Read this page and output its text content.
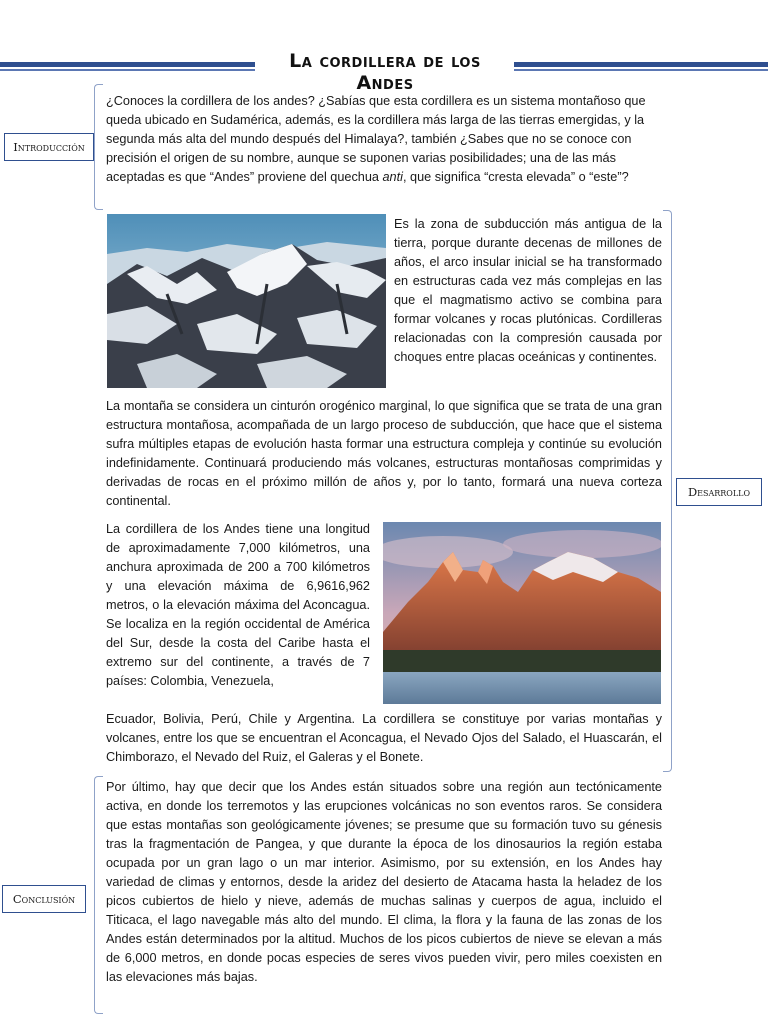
La cordillera de los Andes
Introducción

¿Conoces la cordillera de los andes? ¿Sabías que esta cordillera es un sistema montañoso que queda ubicado en Sudamérica, además, es la cordillera más larga de las tierras emergidas, y la segunda más alta del mundo después del Himalaya?, también ¿Sabes que no se conoce con precisión el origen de su nombre, aunque se suponen varias posibilidades; una de las más aceptadas es que “Andes” proviene del quechua anti, que significa “cresta elevada” o “este”?

Desarrollo

Es la zona de subducción más antigua de la tierra, porque durante decenas de millones de años, el arco insular inicial se ha transformado en estructuras cada vez más complejas en las que el magmatismo activo se combina para formar volcanes y rocas plutónicas. Cordilleras relacionadas con la compresión causada por choques entre placas oceánicas y continentes.

La montaña se considera un cinturón orogénico marginal, lo que significa que se trata de una gran estructura montañosa, acompañada de un largo proceso de subducción, que hace que el sistema sufra múltiples etapas de evolución hasta formar una estructura compleja y continúe su evolución indefinidamente. Continuará produciendo más volcanes, estructuras montañosas comprimidas y derivadas de rocas en el próximo millón de años y, por lo tanto, formará una nueva corteza continental.

La cordillera de los Andes tiene una longitud de aproximadamente 7,000 kilómetros, una anchura aproximada de 200 a 700 kilómetros y una elevación máxima de 6,9616,962 metros, o la elevación máxima del Aconcagua. Se localiza en la región occidental de América del Sur, desde la costa del Caribe hasta el extremo sur del continente, a través de 7 países: Colombia, Venezuela,

Ecuador, Bolivia, Perú, Chile y Argentina. La cordillera se constituye por varias montañas y volcanes, entre los que se encuentran el Aconcagua, el Nevado Ojos del Salado, el Huascarán, el Chimborazo, el Nevado del Ruiz, el Galeras y el Bonete.

Conclusión

Por último, hay que decir que los Andes están situados sobre una región aun tectónicamente activa, en donde los terremotos y las erupciones volcánicas no son eventos raros. Se considera que estas montañas son geológicamente jóvenes; se presume que su formación tuvo su génesis tras la fragmentación de Pangea, y que durante la época de los dinosaurios la región estaba ocupada por un gran lago o un mar interior. Asimismo, por su extensión, en los Andes hay variedad de climas y entornos, desde la aridez del desierto de Atacama hasta la heladez de los picos cubiertos de hielo y nieve, además de muchas salinas y cuerpos de agua, incluido el Titicaca, el lago navegable más alto del mundo. El clima, la flora y la fauna de las zonas de los Andes están determinados por la altitud. Muchos de los picos cubiertos de nieve se elevan a más de 6,000 metros, en donde pocas especies de seres vivos pueden vivir, pero miles coexisten en las elevaciones más bajas.
